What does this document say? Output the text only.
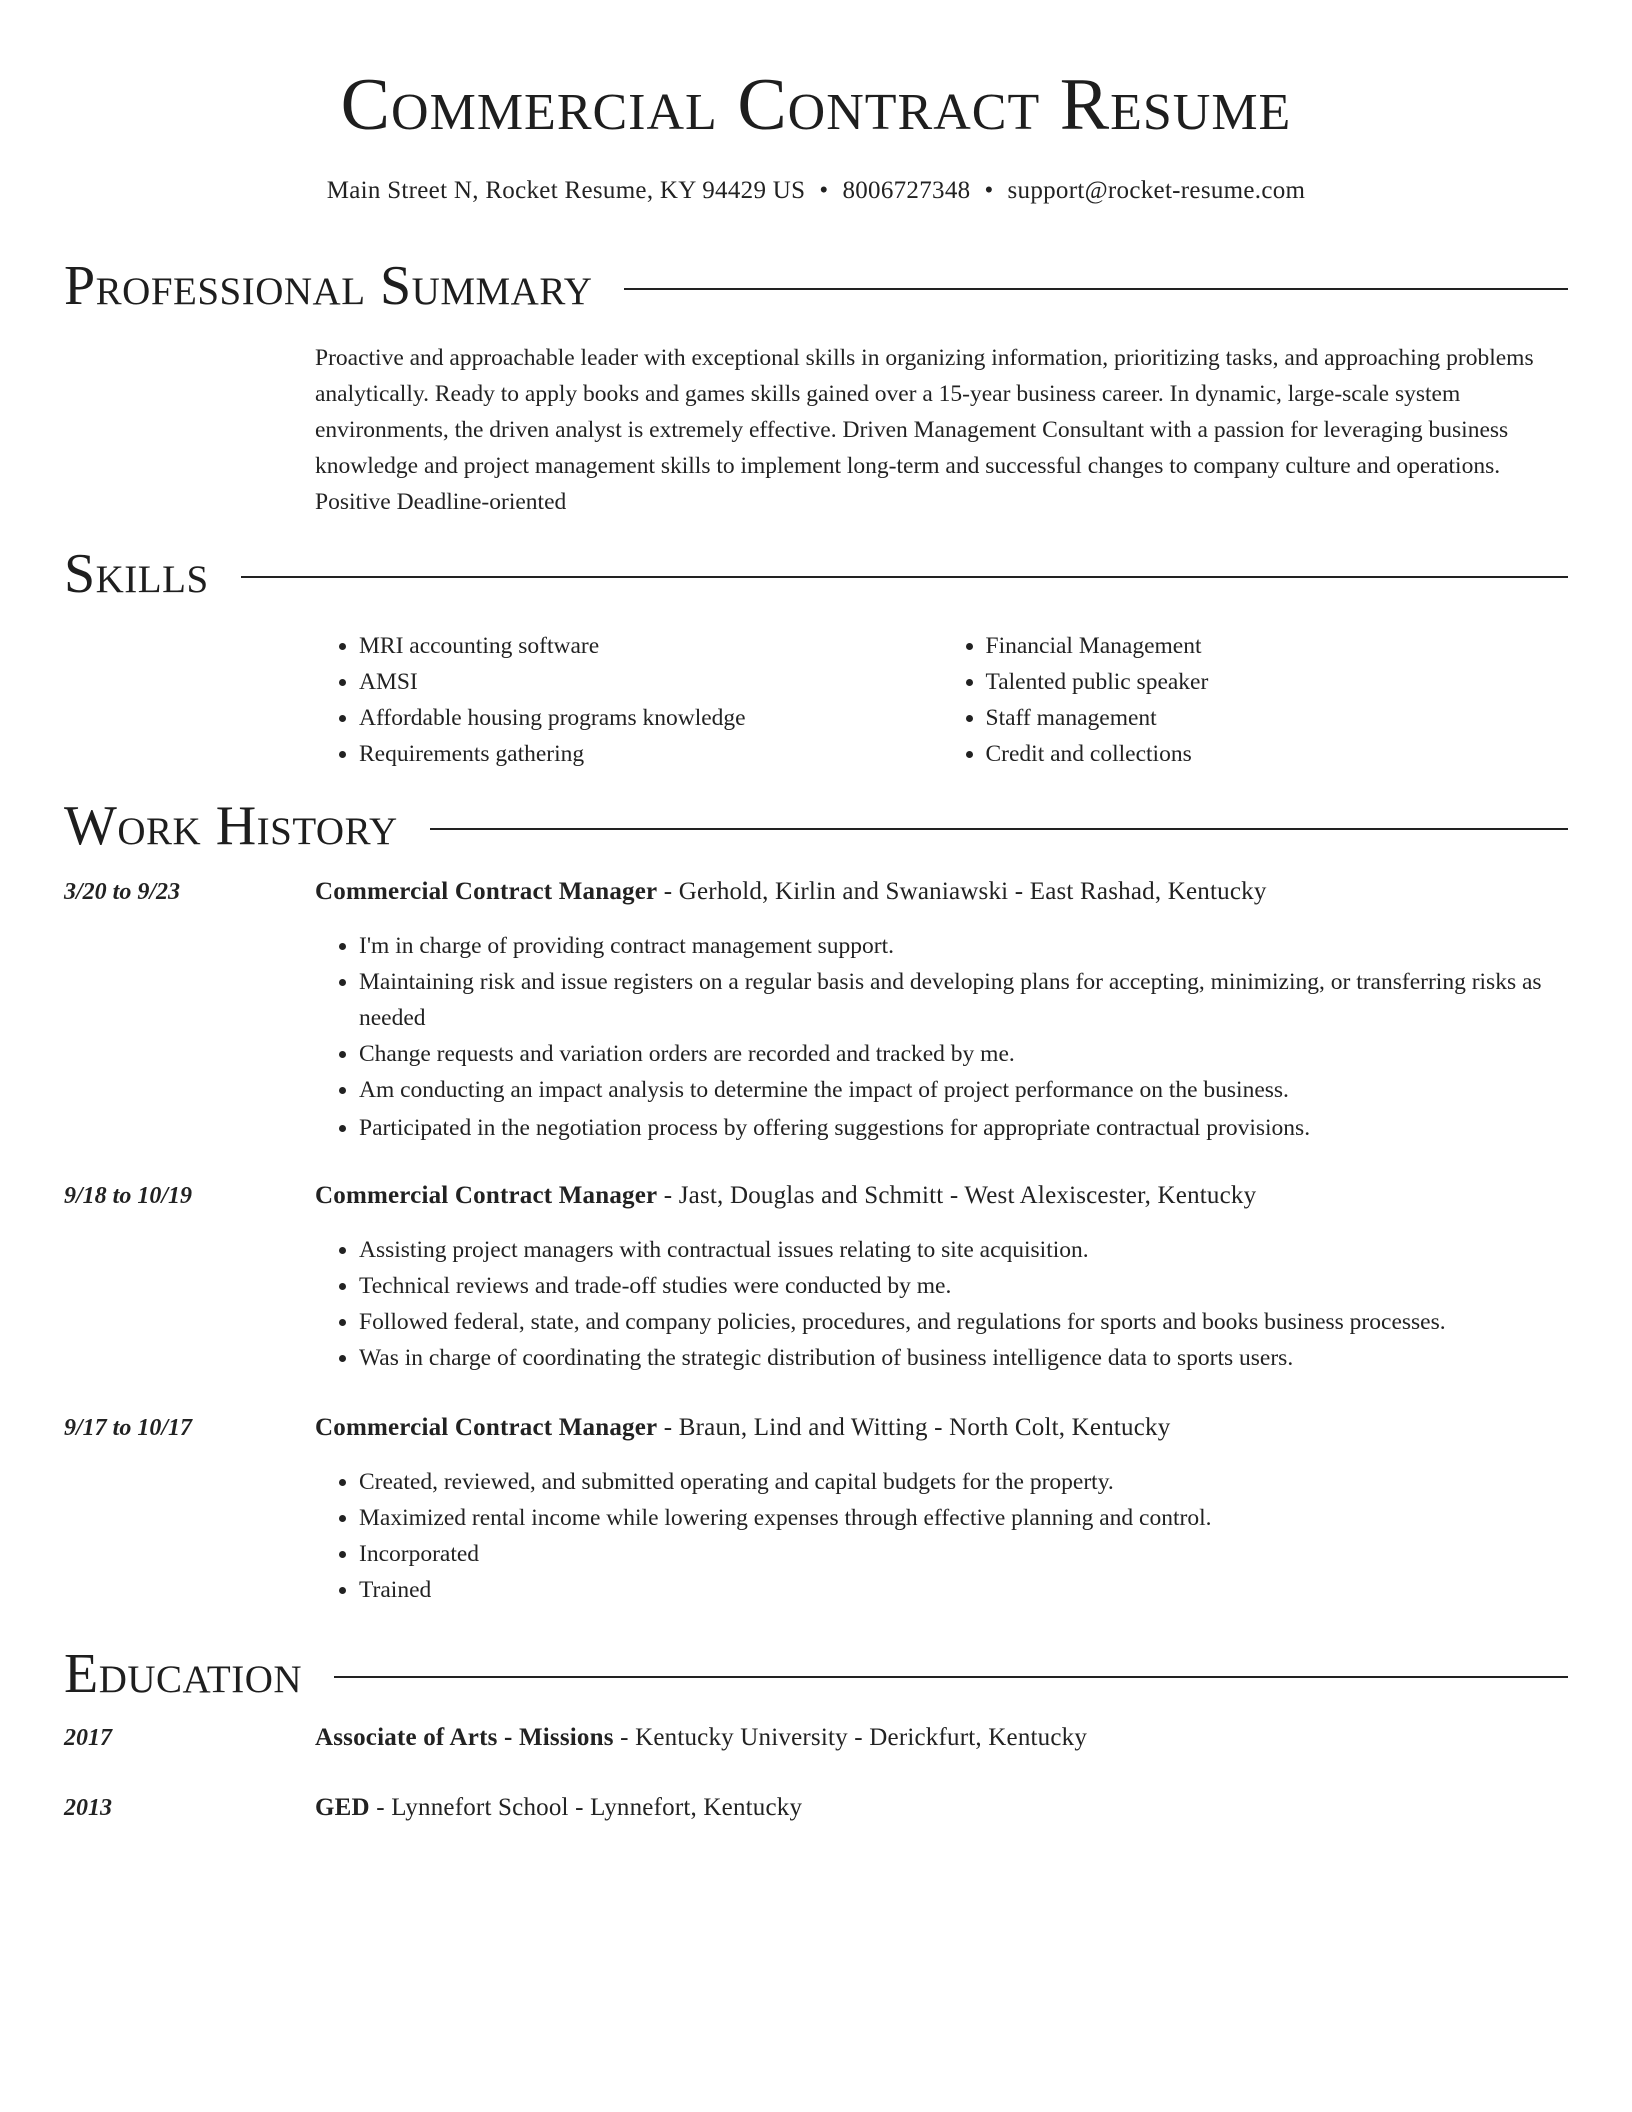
Commercial Contract Resume
Main Street N, Rocket Resume, KY 94429 US • 8006727348 • support@rocket-resume.com
Professional Summary
Proactive and approachable leader with exceptional skills in organizing information, prioritizing tasks, and approaching problems analytically. Ready to apply books and games skills gained over a 15-year business career. In dynamic, large-scale system environments, the driven analyst is extremely effective. Driven Management Consultant with a passion for leveraging business knowledge and project management skills to implement long-term and successful changes to company culture and operations. Positive Deadline-oriented
Skills
• MRI accounting software
• AMSI
• Affordable housing programs knowledge
• Requirements gathering
• Financial Management
• Talented public speaker
• Staff management
• Credit and collections
Work History
3/20 to 9/23	Commercial Contract Manager - Gerhold, Kirlin and Swaniawski - East Rashad, Kentucky
• I'm in charge of providing contract management support.
• Maintaining risk and issue registers on a regular basis and developing plans for accepting, minimizing, or transferring risks as needed
• Change requests and variation orders are recorded and tracked by me.
• Am conducting an impact analysis to determine the impact of project performance on the business.
• Participated in the negotiation process by offering suggestions for appropriate contractual provisions.
9/18 to 10/19	Commercial Contract Manager - Jast, Douglas and Schmitt - West Alexiscester, Kentucky
• Assisting project managers with contractual issues relating to site acquisition.
• Technical reviews and trade-off studies were conducted by me.
• Followed federal, state, and company policies, procedures, and regulations for sports and books business processes.
• Was in charge of coordinating the strategic distribution of business intelligence data to sports users.
9/17 to 10/17	Commercial Contract Manager - Braun, Lind and Witting - North Colt, Kentucky
• Created, reviewed, and submitted operating and capital budgets for the property.
• Maximized rental income while lowering expenses through effective planning and control.
• Incorporated
• Trained
Education
2017	Associate of Arts - Missions - Kentucky University - Derickfurt, Kentucky
2013	GED - Lynnefort School - Lynnefort, Kentucky
